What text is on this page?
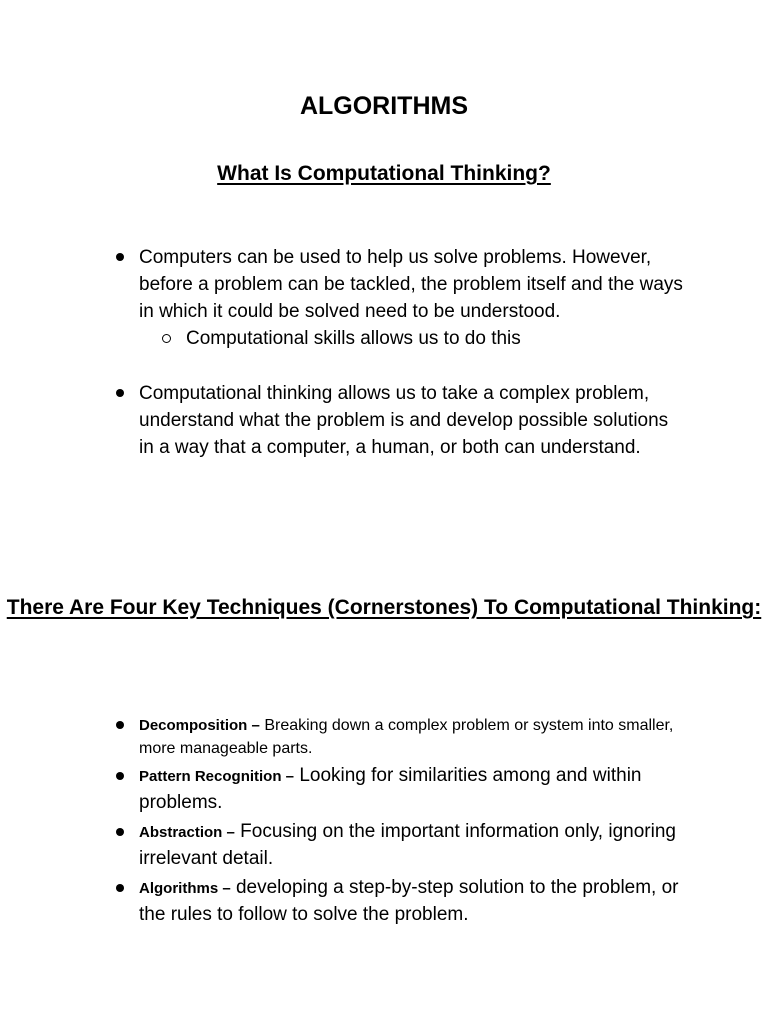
ALGORITHMS
What Is Computational Thinking?
Computers can be used to help us solve problems. However, before a problem can be tackled, the problem itself and the ways in which it could be solved need to be understood.
Computational skills allows us to do this
Computational thinking allows us to take a complex problem, understand what the problem is and develop possible solutions in a way that a computer, a human, or both can understand.
There Are Four Key Techniques (Cornerstones) To Computational Thinking:
Decomposition – Breaking down a complex problem or system into smaller, more manageable parts.
Pattern Recognition – Looking for similarities among and within problems.
Abstraction – Focusing on the important information only, ignoring irrelevant detail.
Algorithms – developing a step-by-step solution to the problem, or the rules to follow to solve the problem.
